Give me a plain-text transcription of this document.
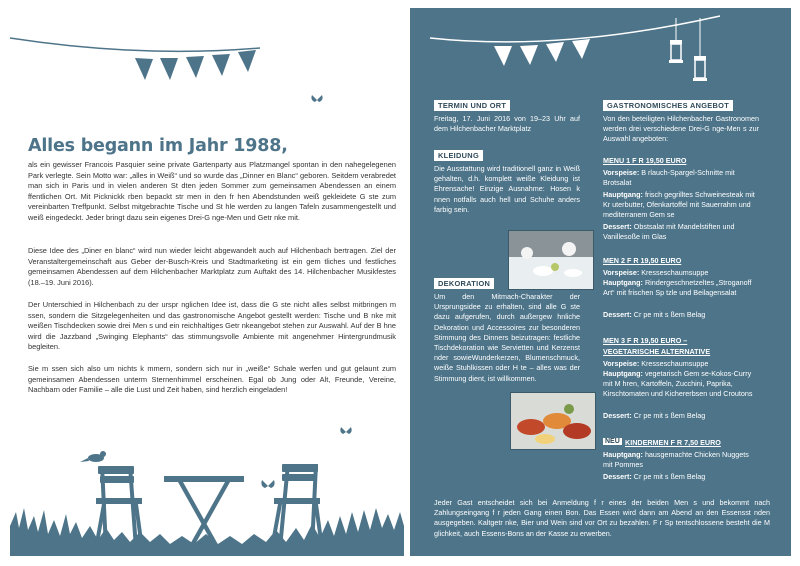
Alles begann im Jahr 1988,

als ein gewisser Francois Pasquier seine private Gartenparty aus Platzmangel spontan in den nahegelegenen Park verlegte. Sein Motto war: „alles in Weiß“ und so wurde das „Dinner en Blanc“ geboren. Seitdem verabredet man sich in Paris und in vielen anderen St dten jeden Sommer zum gemeinsamen Abendessen an einem ffentlichen Ort. Mit Picknickk rben bepackt str men in den fr hen Abendstunden weiß gekleidete G ste zum vereinbarten Treffpunkt. Selbst mitgebrachte Tische und St hle werden zu langen Tafeln zusammengestellt und weiß eingedeckt. Jeder bringt dazu sein eigenes Drei-G nge-Men und Getr nke mit.

Diese Idee des „Diner en blanc“ wird nun wieder leicht abgewandelt auch auf Hilchenbach bertragen. Ziel der Veranstaltergemeinschaft aus Geber der-Busch-Kreis und Stadtmarketing ist ein gem tliches und festliches gemeinsamen Abendessen auf dem Hilchenbacher Marktplatz zum Auftakt des 14. Hilchenbacher Musikfestes (18.–19. Juni 2016).

Der Unterschied in Hilchenbach zu der urspr nglichen Idee ist, dass die G ste nicht alles selbst mitbringen m ssen, sondern die Sitzgelegenheiten und das gastronomische Angebot gestellt werden: Tische und B nke mit weißen Tischdecken sowie drei Men s und ein reichhaltiges Getr nkeangebot stehen zur Auswahl. Auf der B hne wird die Jazzband „Swinging Elephants“ das stimmungsvolle Ambiente mit angenehmer Hintergrundmusik begleiten.

Sie m ssen sich also um nichts k mmern, sondern sich nur in „weiße“ Schale werfen und gut gelaunt zum gemeinsamen Abendessen unterm Sternenhimmel erscheinen. Egal ob Jung oder Alt, Freunde, Vereine, Nachbarn oder Familie – alle die Lust und Zeit haben, sind herzlich eingeladen!

TERMIN UND ORT

Freitag, 17. Juni 2016 von 19–23 Uhr auf dem Hilchenbacher Marktplatz

KLEIDUNG

Die Ausstattung wird traditionell ganz in Weiß gehalten, d.h. komplett weiße Kleidung ist Ehrensache! Einzige Ausnahme: Hosen k nnen notfalls auch hell und Schuhe anders farbig sein.

DEKORATION

Um den Mitmach-Charakter der Ursprungsidee zu erhalten, sind alle G ste dazu aufgerufen, durch außergew hnliche Dekoration und Accessoires zur besonderen Stimmung des Dinners beizutragen: festliche Tischdekoration wie Servietten und Kerzenst nder sowieWunderkerzen, Blumenschmuck, weiße Stuhlkissen oder H te – alles was der Stimmung dient, ist willkommen.

GASTRONOMISCHES ANGEBOT

Von den beteiligten Hilchenbacher Gastronomen werden drei verschiedene Drei-G nge-Men s zur Auswahl angeboten:

MENU 1 F R 19,50 EURO

Vorspeise: B rlauch-Spargel-Schnitte mit Brotsalat

Hauptgang: frisch gegrilltes Schweinesteak mit Kr uterbutter, Ofenkartoffel mit Sauerrahm und mediterranem Gem se

Dessert: Obstsalat mit Mandelstiften und Vanillesoße im Glas

MEN 2 F R 19,50 EURO

Vorspeise: Kresseschaumsuppe

Hauptgang: Rindergeschnetzeltes „Stroganoff Art“ mit frischen Sp tzle und Beilagensalat

Dessert: Cr pe mit s ßem Belag

MEN 3 F R 19,50 EURO –
VEGETARISCHE ALTERNATIVE

Vorspeise: Kresseschaumsuppe

Hauptgang: vegetarisch Gem se-Kokos-Curry mit M hren, Kartoffeln, Zucchini, Paprika, Kirschtomaten und Kichererbsen und Croutons

Dessert: Cr pe mit s ßem Belag

NEU KINDERMEN F R 7,50 EURO

Hauptgang: hausgemachte Chicken Nuggets mit Pommes

Dessert: Cr pe mit s ßem Belag

Jeder Gast entscheidet sich bei Anmeldung f r eines der beiden Men s und bekommt nach Zahlungseingang f r jeden Gang einen Bon. Das Essen wird dann am Abend an den Essensst nden ausgegeben. Kaltgetr nke, Bier und Wein sind vor Ort zu bezahlen. F r Sp tentschlossene besteht die M glichkeit, auch Essens-Bons an der Kasse zu erwerben.
